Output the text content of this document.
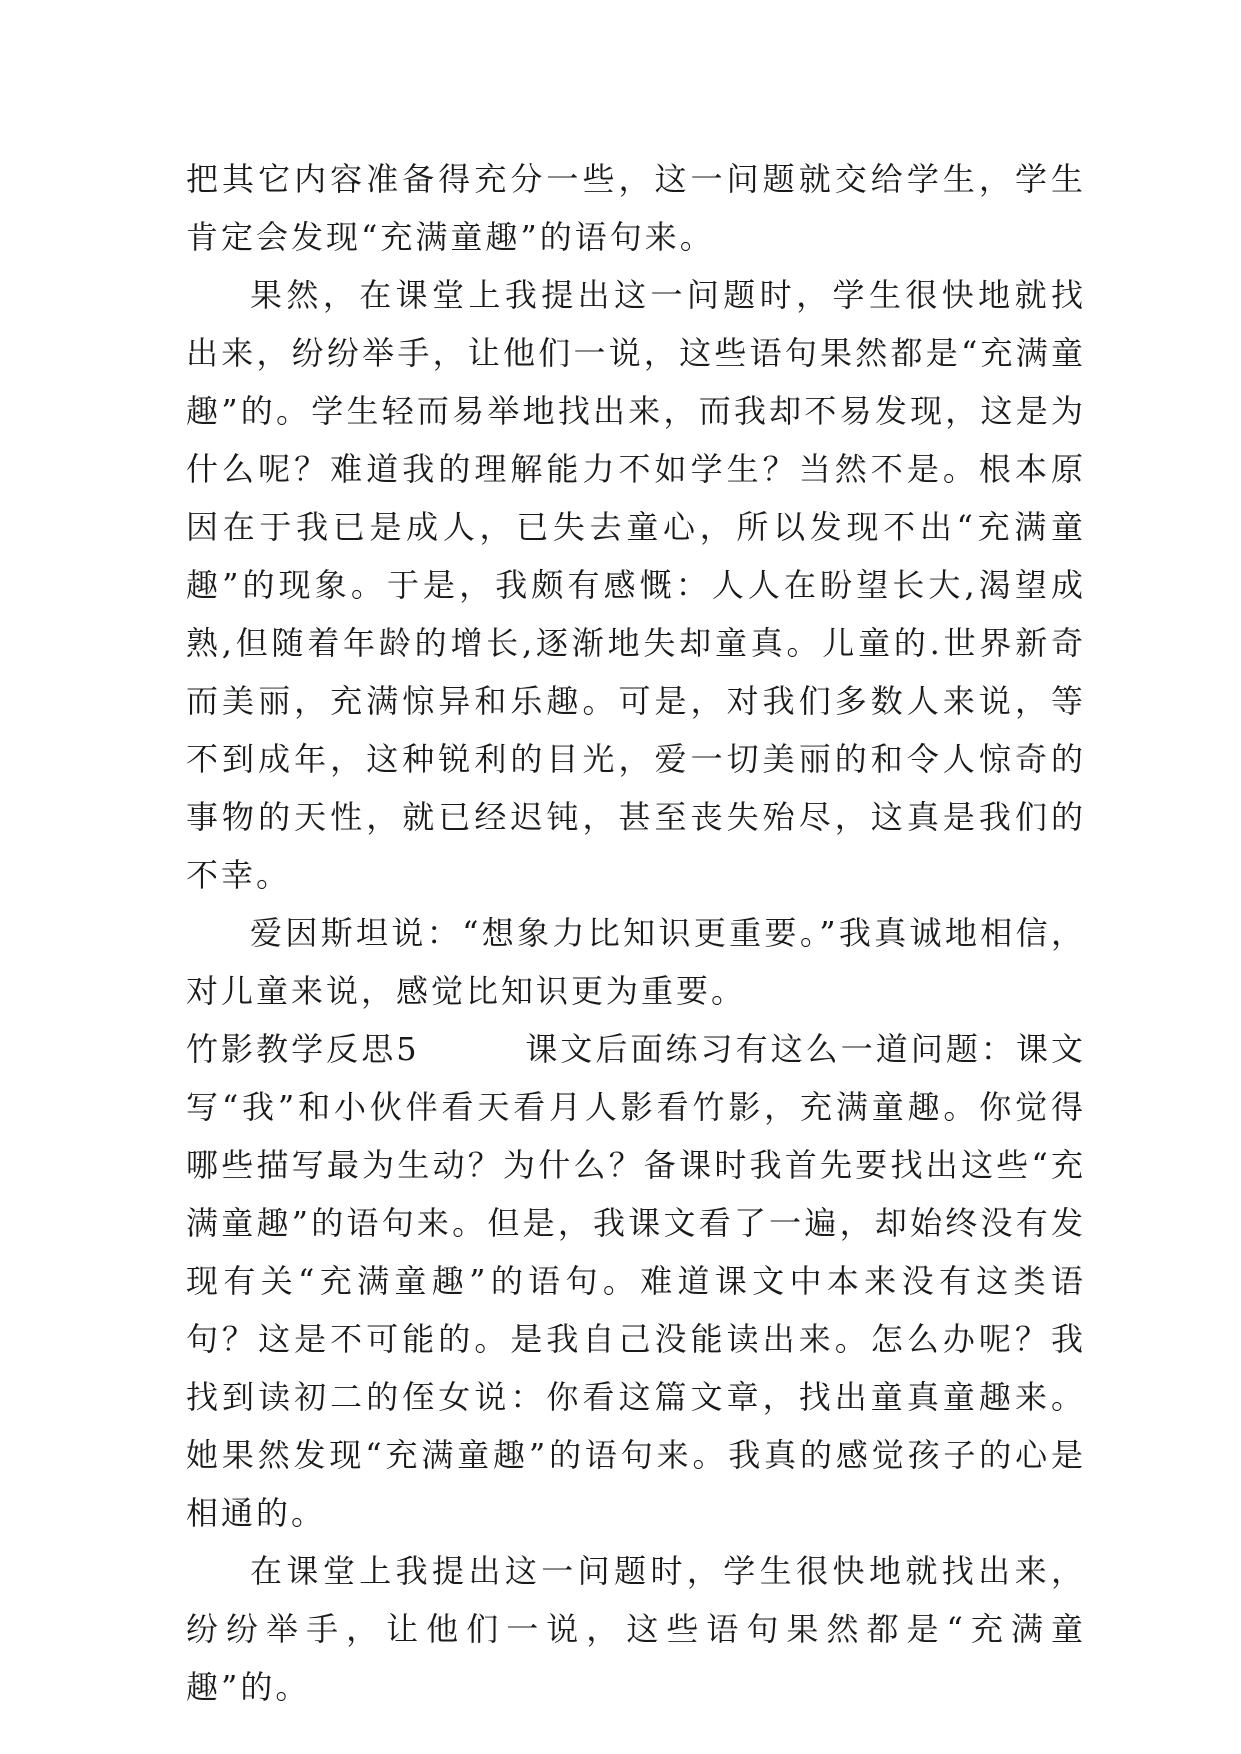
把其它内容准备得充分一些，这一问题就交给学生，学生肯定会发现“充满童趣”的语句来。

果然，在课堂上我提出这一问题时，学生很快地就找出来，纷纷举手，让他们一说，这些语句果然都是“充满童趣”的。学生轻而易举地找出来，而我却不易发现，这是为什么呢？难道我的理解能力不如学生？当然不是。根本原因在于我已是成人，已失去童心，所以发现不出“充满童趣”的现象。于是，我颇有感慨：人人在盼望长大,渴望成熟,但随着年龄的增长,逐渐地失却童真。儿童的.世界新奇而美丽，充满惊异和乐趣。可是，对我们多数人来说，等不到成年，这种锐利的目光，爱一切美丽的和令人惊奇的事物的天性，就已经迟钝，甚至丧失殆尽，这真是我们的不幸。

爱因斯坦说：“想象力比知识更重要。”我真诚地相信，对儿童来说，感觉比知识更为重要。

竹影教学反思5	课文后面练习有这么一道问题：课文写“我”和小伙伴看天看月人影看竹影，充满童趣。你觉得哪些描写最为生动？为什么？备课时我首先要找出这些“充满童趣”的语句来。但是，我课文看了一遍，却始终没有发现有关“充满童趣”的语句。难道课文中本来没有这类语句？这是不可能的。是我自己没能读出来。怎么办呢？我找到读初二的侄女说：你看这篇文章，找出童真童趣来。她果然发现“充满童趣”的语句来。我真的感觉孩子的心是相通的。

在课堂上我提出这一问题时，学生很快地就找出来，纷纷举手，让他们一说，这些语句果然都是“充满童趣”的。
